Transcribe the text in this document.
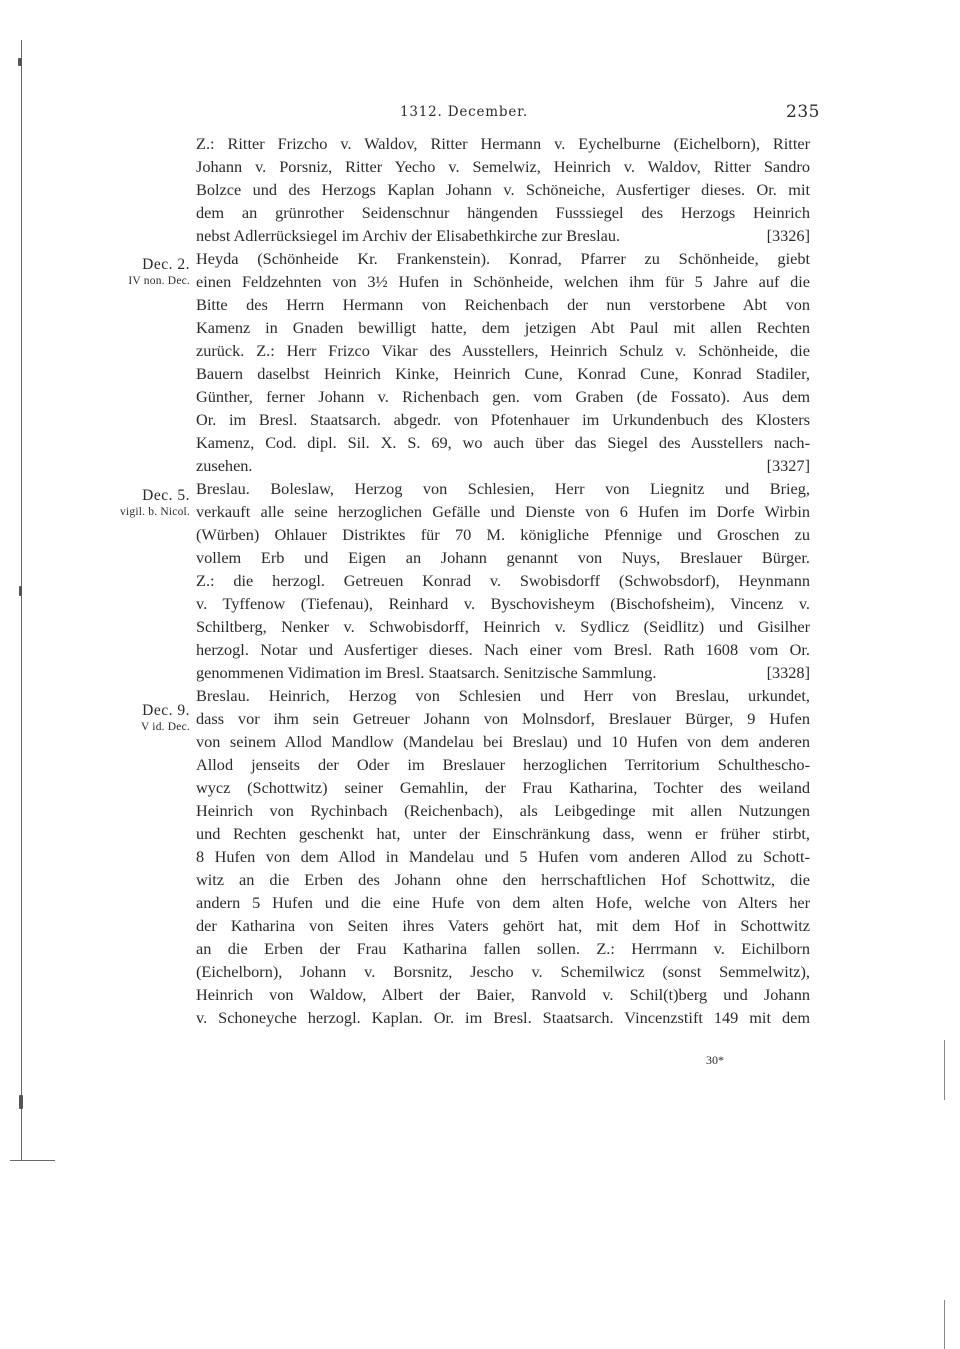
1312. December.	235
Dec. 2.
IV non. Dec.
Dec. 5.
vigil. b. Nicol.
Dec. 9.
V id. Dec.
Z.: Ritter Frizcho v. Waldov, Ritter Hermann v. Eychelburne (Eichelborn), Ritter
Johann v. Porsniz, Ritter Yecho v. Semelwiz, Heinrich v. Waldov, Ritter Sandro
Bolzce und des Herzogs Kaplan Johann v. Schöneiche, Ausfertiger dieses. Or. mit
dem an grünrother Seidenschnur hängenden Fusssiegel des Herzogs Heinrich
nebst Adlerrücksiegel im Archiv der Elisabethkirche zur Breslau.	[3326]
Heyda (Schönheide Kr. Frankenstein). Konrad, Pfarrer zu Schönheide, giebt
einen Feldzehnten von 3½ Hufen in Schönheide, welchen ihm für 5 Jahre auf die
Bitte des Herrn Hermann von Reichenbach der nun verstorbene Abt von
Kamenz in Gnaden bewilligt hatte, dem jetzigen Abt Paul mit allen Rechten
zurück. Z.: Herr Frizco Vikar des Ausstellers, Heinrich Schulz v. Schönheide, die
Bauern daselbst Heinrich Kinke, Heinrich Cune, Konrad Cune, Konrad Stadiler,
Günther, ferner Johann v. Richenbach gen. vom Graben (de Fossato). Aus dem
Or. im Bresl. Staatsarch. abgedr. von Pfotenhauer im Urkundenbuch des Klosters
Kamenz, Cod. dipl. Sil. X. S. 69, wo auch über das Siegel des Ausstellers nach-
zusehen.	[3327]
Breslau. Boleslaw, Herzog von Schlesien, Herr von Liegnitz und Brieg,
verkauft alle seine herzoglichen Gefälle und Dienste von 6 Hufen im Dorfe Wirbin
(Würben) Ohlauer Distriktes für 70 M. königliche Pfennige und Groschen zu
vollem Erb und Eigen an Johann genannt von Nuys, Breslauer Bürger.
Z.: die herzogl. Getreuen Konrad v. Swobisdorff (Schwobsdorf), Heynmann
v. Tyffenow (Tiefenau), Reinhard v. Byschovisheym (Bischofsheim), Vincenz v.
Schiltberg, Nenker v. Schwobisdorff, Heinrich v. Sydlicz (Seidlitz) und Gisilher
herzogl. Notar und Ausfertiger dieses. Nach einer vom Bresl. Rath 1608 vom Or.
genommenen Vidimation im Bresl. Staatsarch. Senitzische Sammlung.	[3328]
Breslau. Heinrich, Herzog von Schlesien und Herr von Breslau, urkundet,
dass vor ihm sein Getreuer Johann von Molnsdorf, Breslauer Bürger, 9 Hufen
von seinem Allod Mandlow (Mandelau bei Breslau) und 10 Hufen von dem anderen
Allod jenseits der Oder im Breslauer herzoglichen Territorium Schulthescho-
wycz (Schottwitz) seiner Gemahlin, der Frau Katharina, Tochter des weiland
Heinrich von Rychinbach (Reichenbach), als Leibgedinge mit allen Nutzungen
und Rechten geschenkt hat, unter der Einschränkung dass, wenn er früher stirbt,
8 Hufen von dem Allod in Mandelau und 5 Hufen vom anderen Allod zu Schott-
witz an die Erben des Johann ohne den herrschaftlichen Hof Schottwitz, die
andern 5 Hufen und die eine Hufe von dem alten Hofe, welche von Alters her
der Katharina von Seiten ihres Vaters gehört hat, mit dem Hof in Schottwitz
an die Erben der Frau Katharina fallen sollen. Z.: Herrmann v. Eichilborn
(Eichelborn), Johann v. Borsnitz, Jescho v. Schemilwicz (sonst Semmelwitz),
Heinrich von Waldow, Albert der Baier, Ranvold v. Schil(t)berg und Johann
v. Schoneyche herzogl. Kaplan. Or. im Bresl. Staatsarch. Vincenzstift 149 mit dem
30*
